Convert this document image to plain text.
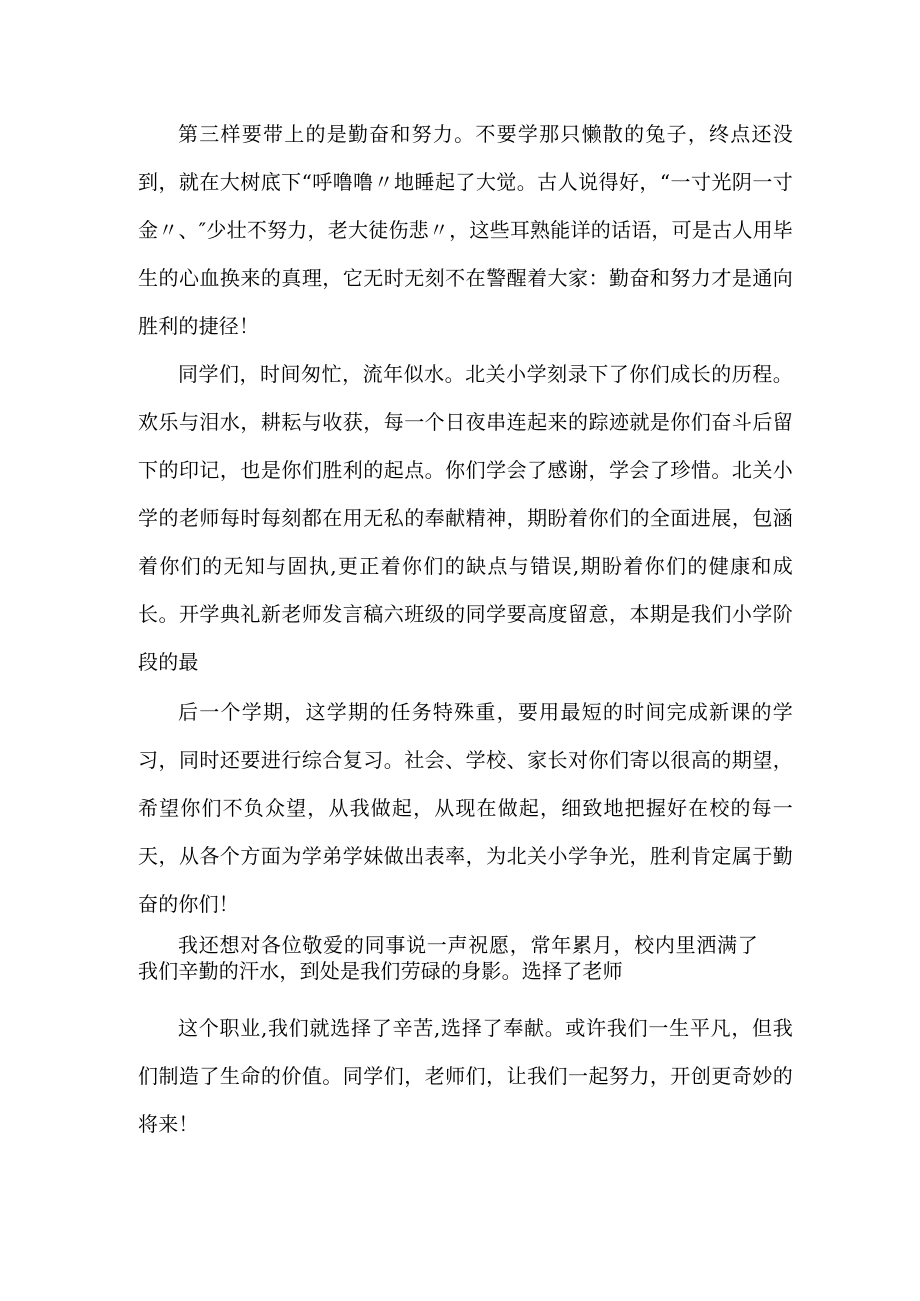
第三样要带上的是勤奋和努力。不要学那只懒散的兔子，终点还没到，就在大树底下“呼噜噜〃地睡起了大觉。古人说得好，“一寸光阴一寸金〃、″少壮不努力，老大徒伤悲〃，这些耳熟能详的话语，可是古人用毕生的心血换来的真理，它无时无刻不在警醒着大家：勤奋和努力才是通向胜利的捷径！

同学们，时间匆忙，流年似水。北关小学刻录下了你们成长的历程。欢乐与泪水，耕耘与收获，每一个日夜串连起来的踪迹就是你们奋斗后留下的印记，也是你们胜利的起点。你们学会了感谢，学会了珍惜。北关小学的老师每时每刻都在用无私的奉献精神，期盼着你们的全面进展，包涵着你们的无知与固执,更正着你们的缺点与错误,期盼着你们的健康和成长。开学典礼新老师发言稿六班级的同学要高度留意，本期是我们小学阶段的最

后一个学期，这学期的任务特殊重，要用最短的时间完成新课的学习，同时还要进行综合复习。社会、学校、家长对你们寄以很高的期望，希望你们不负众望，从我做起，从现在做起，细致地把握好在校的每一天，从各个方面为学弟学妹做出表率，为北关小学争光，胜利肯定属于勤奋的你们！

我还想对各位敬爱的同事说一声祝愿，常年累月，校内里洒满了我们辛勤的汗水，到处是我们劳碌的身影。选择了老师

这个职业,我们就选择了辛苦,选择了奉献。或许我们一生平凡，但我们制造了生命的价值。同学们，老师们，让我们一起努力，开创更奇妙的将来！
